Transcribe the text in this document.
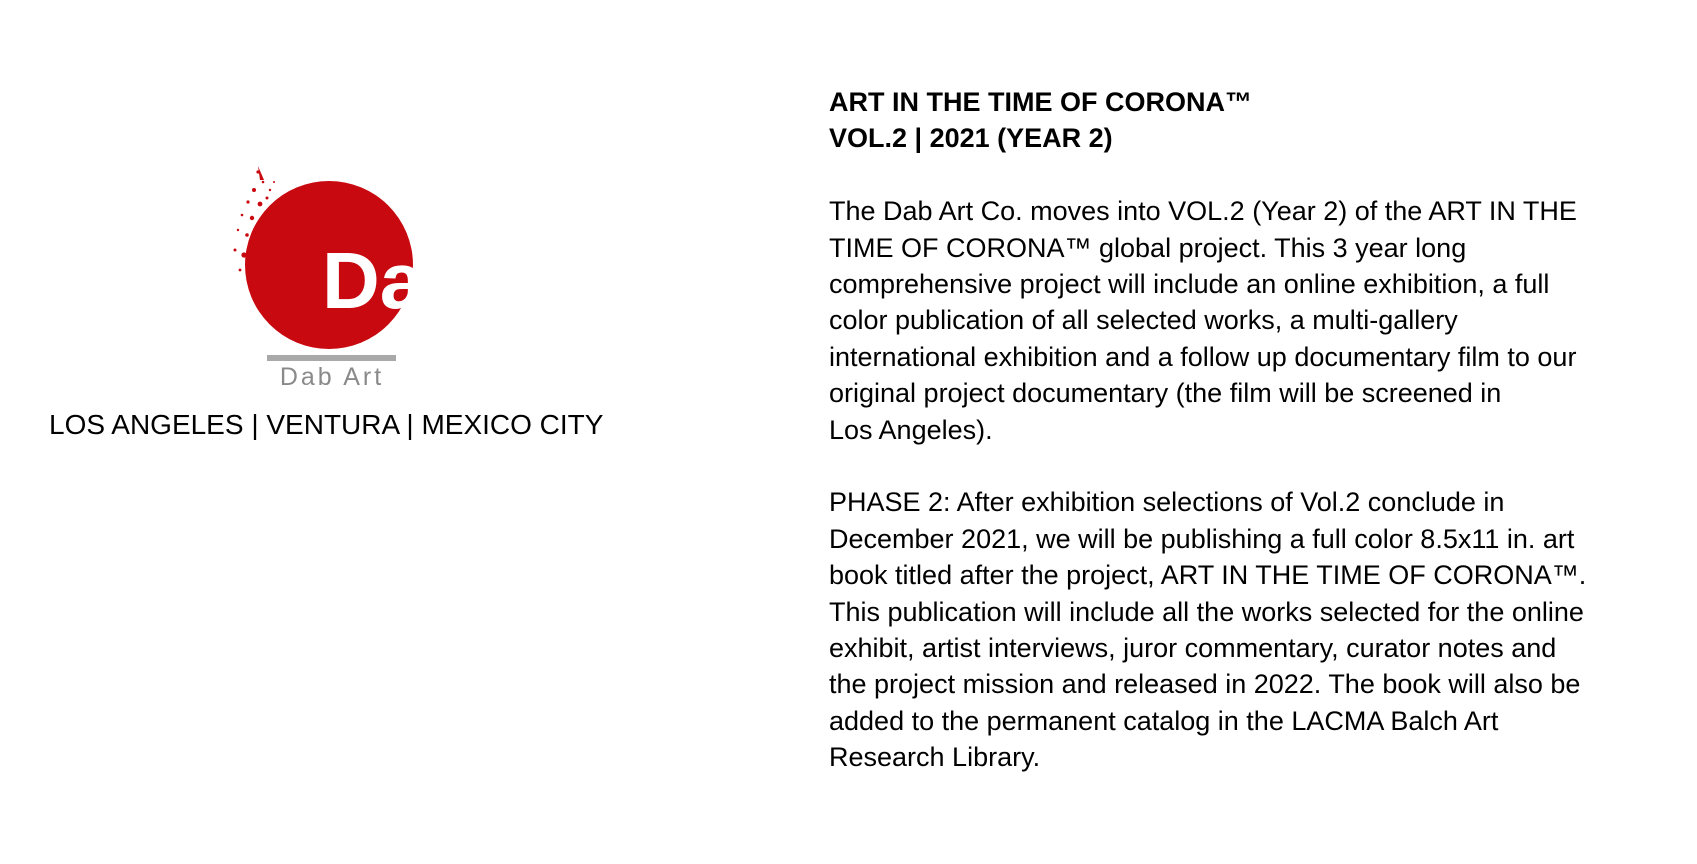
Da
Dab Art
LOS ANGELES | VENTURA | MEXICO CITY
ART IN THE TIME OF CORONA™
VOL.2 | 2021 (YEAR 2)
The Dab Art Co. moves into VOL.2 (Year 2) of the ART IN THE
TIME OF CORONA™ global project. This 3 year long
comprehensive project will include an online exhibition, a full
color publication of all selected works, a multi-gallery
international exhibition and a follow up documentary film to our
original project documentary (the film will be screened in
Los Angeles).
PHASE 2: After exhibition selections of Vol.2 conclude in
December 2021, we will be publishing a full color 8.5x11 in. art
book titled after the project, ART IN THE TIME OF CORONA™.
This publication will include all the works selected for the online
exhibit, artist interviews, juror commentary, curator notes and
the project mission and released in 2022. The book will also be
added to the permanent catalog in the LACMA Balch Art
Research Library.
